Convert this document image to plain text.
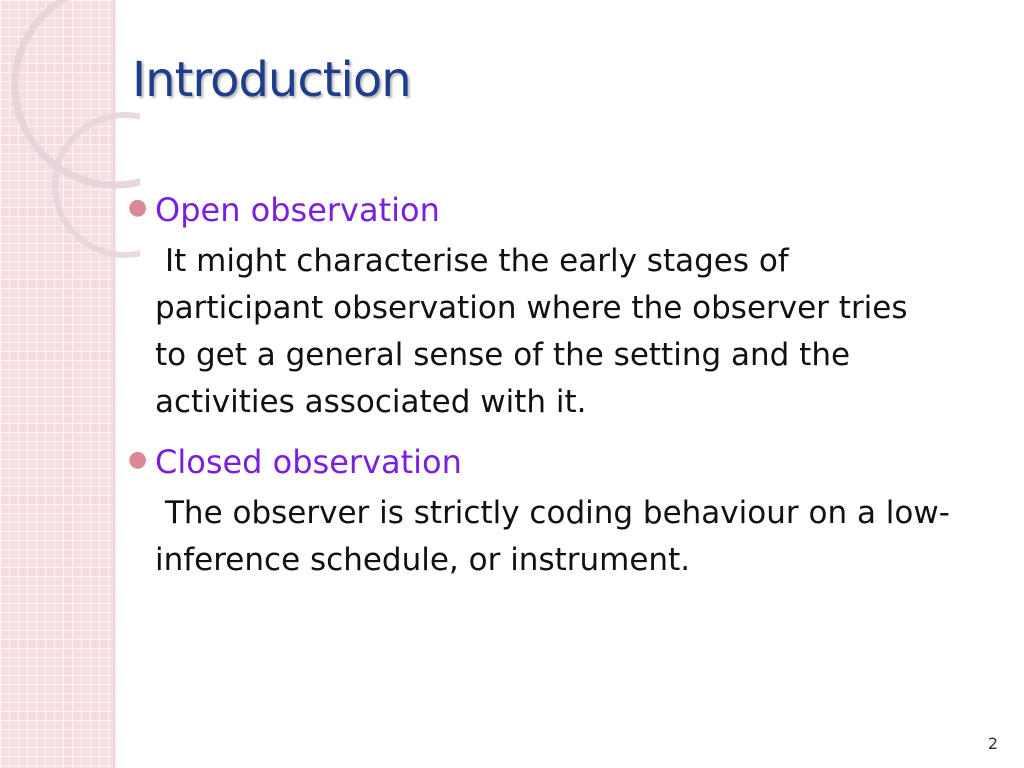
Introduction
● Open observation
It might characterise the early stages of participant observation where the observer tries to get a general sense of the setting and the activities associated with it.
● Closed observation
The observer is strictly coding behaviour on a low-inference schedule, or instrument.
2
